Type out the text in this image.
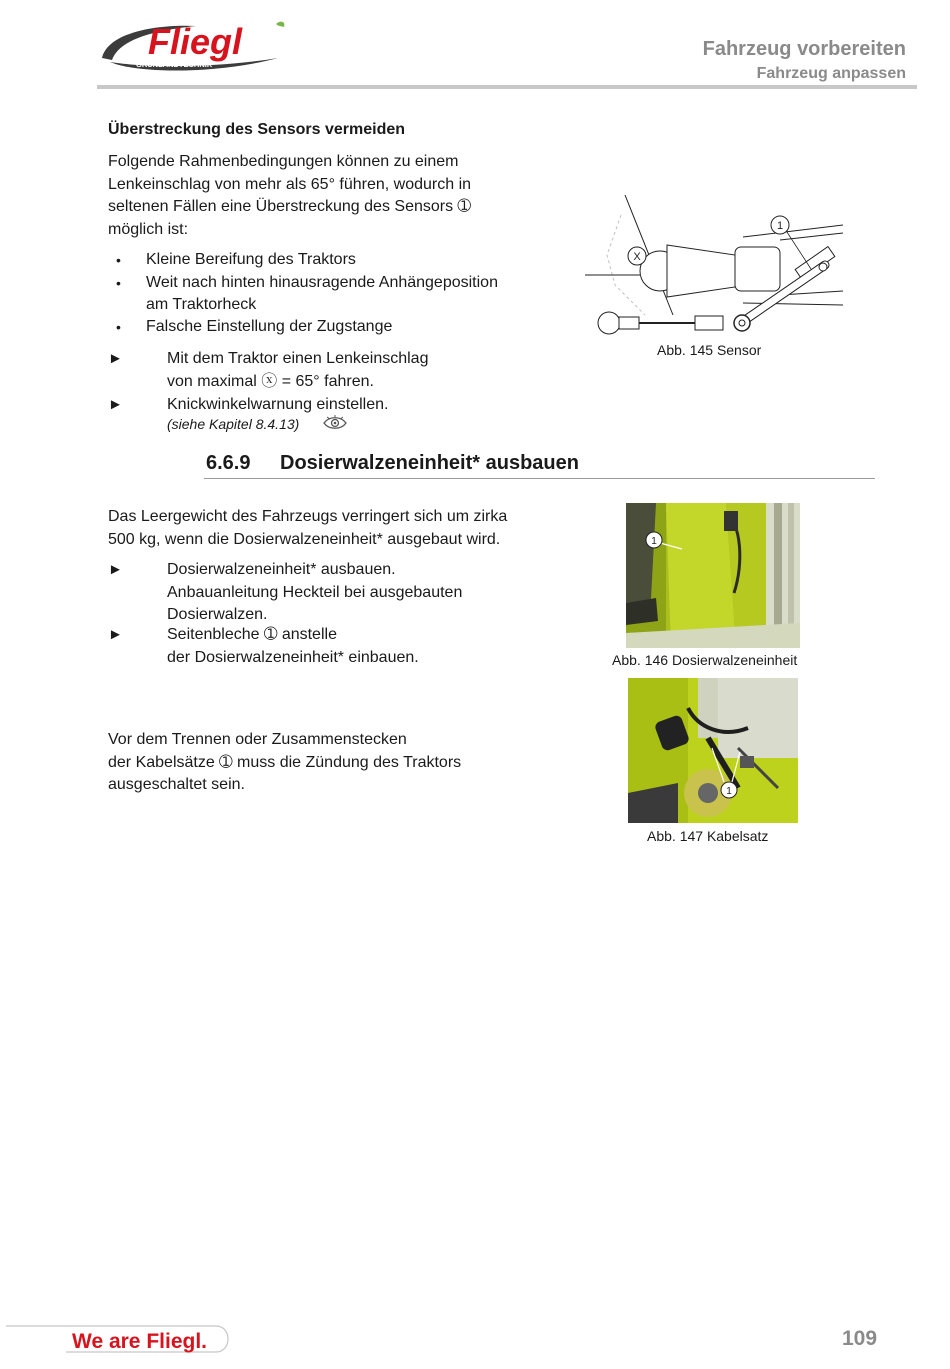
Fliegl
GRÜNLANDTECHNIK
Fahrzeug vorbereiten
Fahrzeug anpassen
Überstreckung des Sensors vermeiden
Folgende Rahmenbedingungen können zu einem
Lenkeinschlag von mehr als 65° führen, wodurch in
seltenen Fällen eine Überstreckung des Sensors ➀
möglich ist:
• Kleine Bereifung des Traktors
• Weit nach hinten hinausragende Anhängeposition
am Traktorheck
• Falsche Einstellung der Zugstange
►	Mit dem Traktor einen Lenkeinschlag
von maximal ⓧ = 65° fahren.
►	Knickwinkelwarnung einstellen.
(siehe Kapitel 8.4.13)
X
1
Abb. 145 Sensor
6.6.9 Dosierwalzeneinheit* ausbauen
Das Leergewicht des Fahrzeugs verringert sich um zirka
500 kg, wenn die Dosierwalzeneinheit* ausgebaut wird.
►	Dosierwalzeneinheit* ausbauen.
Anbauanleitung Heckteil bei ausgebauten
Dosierwalzen.
►	Seitenbleche ➀ anstelle
der Dosierwalzeneinheit* einbauen.
1
Abb. 146 Dosierwalzeneinheit
Vor dem Trennen oder Zusammenstecken
der Kabelsätze ➀ muss die Zündung des Traktors
ausgeschaltet sein.	1
Abb. 147 Kabelsatz
We are Fliegl.	109
